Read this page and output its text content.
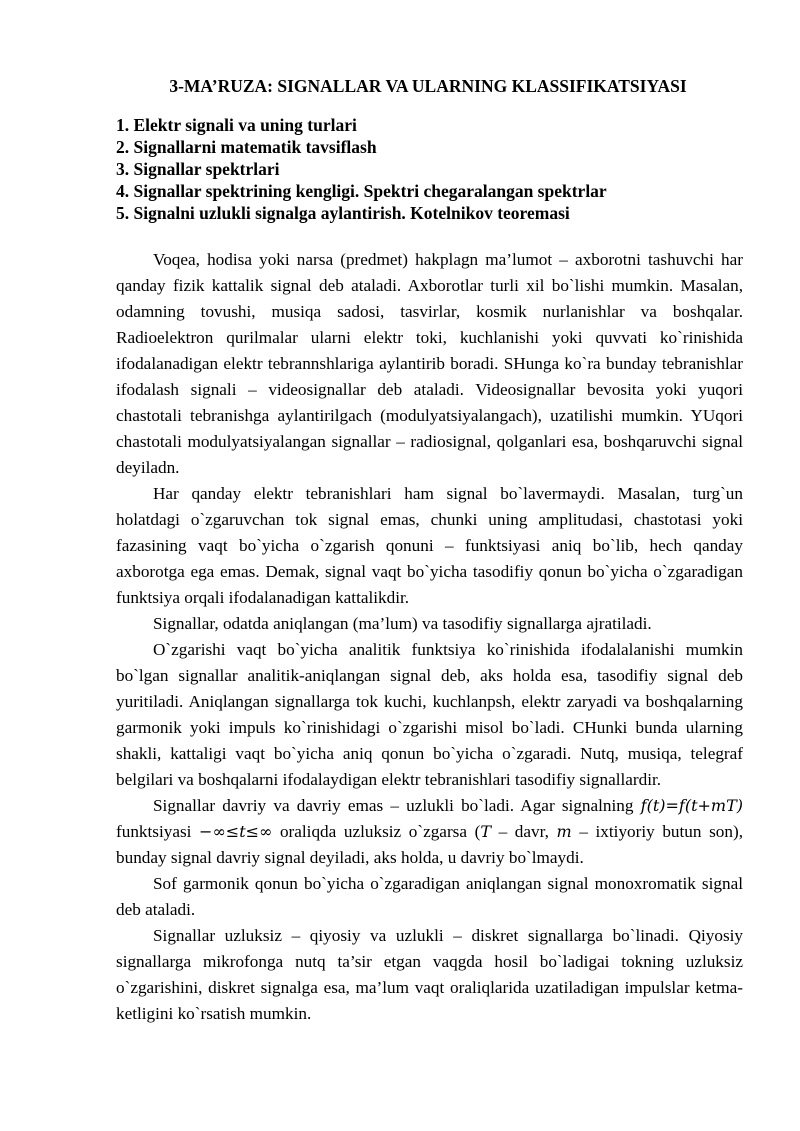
3-MA’RUZA: SIGNALLAR VA ULARNING KLASSIFIKATSIYASI
1. Elektr signali va uning turlari
2. Signallarni matematik tavsiflash
3. Signallar spektrlari
4. Signallar spektrining kengligi. Spektri chegaralangan spektrlar
5. Signalni uzlukli signalga aylantirish. Kotelnikov teoremasi

Voqea, hodisa yoki narsa (predmet) hakplagn ma’lumot – axborotni tashuvchi har qanday fizik kattalik signal deb ataladi. Axborotlar turli xil bo`lishi mumkin. Masalan, odamning tovushi, musiqa sadosi, tasvirlar, kosmik nurlanishlar va boshqalar. Radioelektron qurilmalar ularni elektr toki, kuchlanishi yoki quvvati ko`rinishida ifodalanadigan elektr tebrannshlariga aylantirib boradi. SHunga ko`ra bunday tebranishlar ifodalash signali – videosignallar deb ataladi. Videosignallar bevosita yoki yuqori chastotali tebranishga aylantirilgach (modulyatsiyalangach), uzatilishi mumkin. YUqori chastotali modulyatsiyalangan signallar – radiosignal, qolganlari esa, boshqaruvchi signal deyiladn.

Har qanday elektr tebranishlari ham signal bo`lavermaydi. Masalan, turg`un holatdagi o`zgaruvchan tok signal emas, chunki uning amplitudasi, chastotasi yoki fazasining vaqt bo`yicha o`zgarish qonuni – funktsiyasi aniq bo`lib, hech qanday axborotga ega emas. Demak, signal vaqt bo`yicha tasodifiy qonun bo`yicha o`zgaradigan funktsiya orqali ifodalanadigan kattalikdir.

Signallar, odatda aniqlangan (ma’lum) va tasodifiy signallarga ajratiladi.

O`zgarishi vaqt bo`yicha analitik funktsiya ko`rinishida ifodalalanishi mumkin bo`lgan signallar analitik-aniqlangan signal deb, aks holda esa, tasodifiy signal deb yuritiladi. Aniqlangan signallarga tok kuchi, kuchlanpsh, elektr zaryadi va boshqalarning garmonik yoki impuls ko`rinishidagi o`zgarishi misol bo`ladi. CHunki bunda ularning shakli, kattaligi vaqt bo`yicha aniq qonun bo`yicha o`zgaradi. Nutq, musiqa, telegraf belgilari va boshqalarni ifodalaydigan elektr tebranishlari tasodifiy signallardir.

Signallar davriy va davriy emas – uzlukli bo`ladi. Agar signalning f(t)=f(t+mT) funktsiyasi −∞≤t≤∞ oraliqda uzluksiz o`zgarsa (T – davr, m – ixtiyoriy butun son), bunday signal davriy signal deyiladi, aks holda, u davriy bo`lmaydi.

Sof garmonik qonun bo`yicha o`zgaradigan aniqlangan signal monoxromatik signal deb ataladi.

Signallar uzluksiz – qiyosiy va uzlukli – diskret signallarga bo`linadi. Qiyosiy signallarga mikrofonga nutq ta’sir etgan vaqgda hosil bo`ladigai tokning uzluksiz o`zgarishini, diskret signalga esa, ma’lum vaqt oraliqlarida uzatiladigan impulslar ketma-ketligini ko`rsatish mumkin.
